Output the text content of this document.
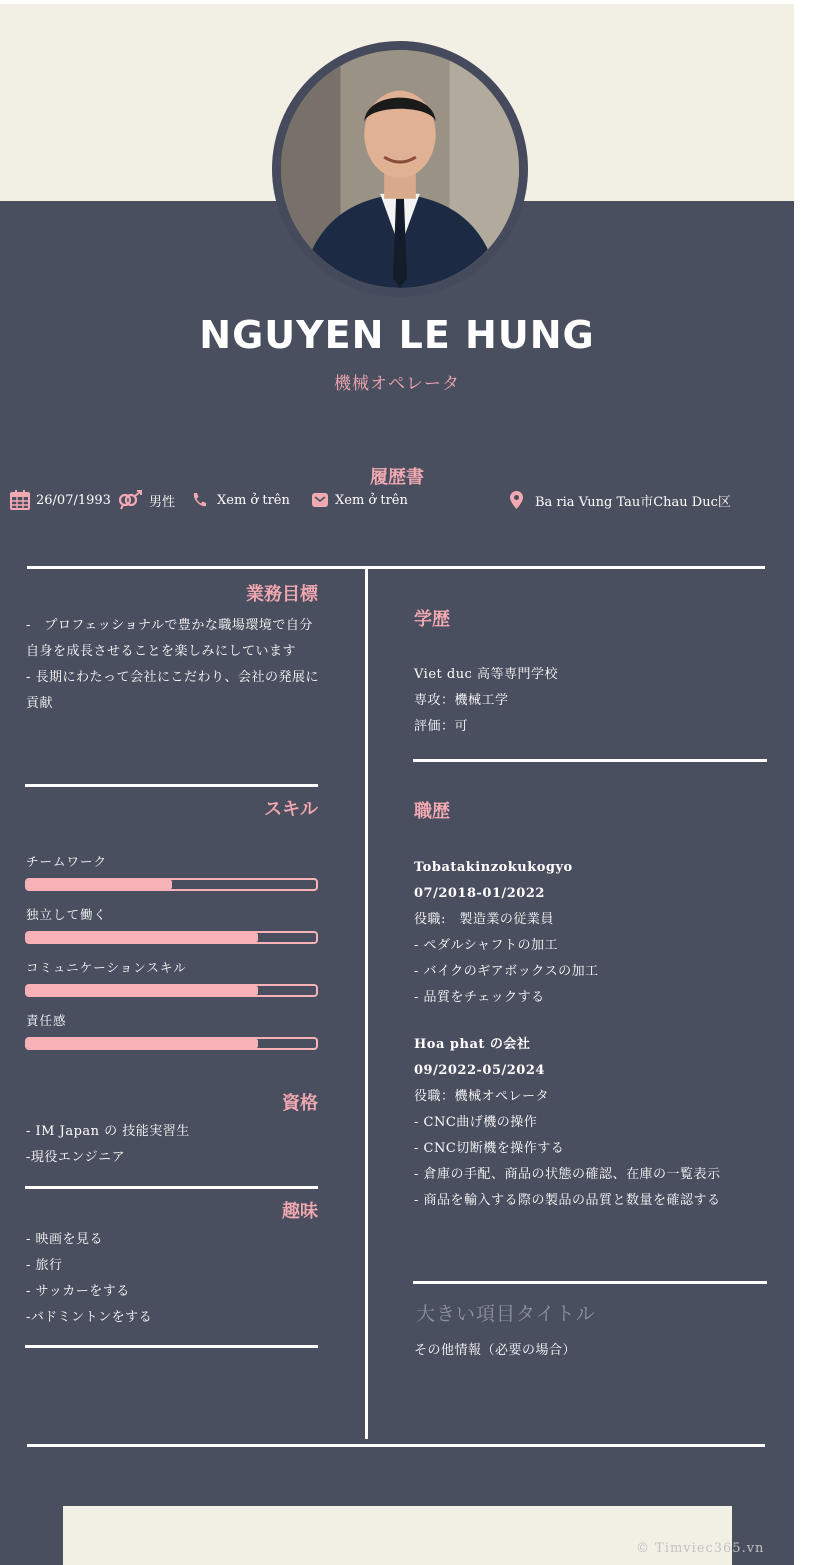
NGUYEN LE HUNG
機械オペレータ
履歴書
26/07/1993	男性	Xem ở trên	Xem ở trên	Ba ria Vung Tau市Chau Duc区
業務目標

-　プロフェッショナルで豊かな職場環境で自分自身を成長させることを楽しみにしています

- 長期にわたって会社にこだわり、会社の発展に貢献

スキル
チームワーク
独立して働く
コミュニケーションスキル
責任感
資格

- IM Japan の 技能実習生

-現役エンジニア

趣味

- 映画を見る

- 旅行

- サッカーをする

-バドミントンをする

学歴

Viet duc 高等専門学校

専攻：機械工学

評価：可

職歴

Tobatakinzokukogyo

07/2018-01/2022

役職:　製造業の従業員

- ペダルシャフトの加工

- バイクのギアボックスの加工

- 品質をチェックする

Hoa phat の会社

09/2022-05/2024

役職：機械オペレータ

- CNC曲げ機の操作

- CNC切断機を操作する

- 倉庫の手配、商品の状態の確認、在庫の一覧表示

- 商品を輸入する際の製品の品質と数量を確認する

大きい項目タイトル

その他情報（必要の場合）

© Timviec365.vn
